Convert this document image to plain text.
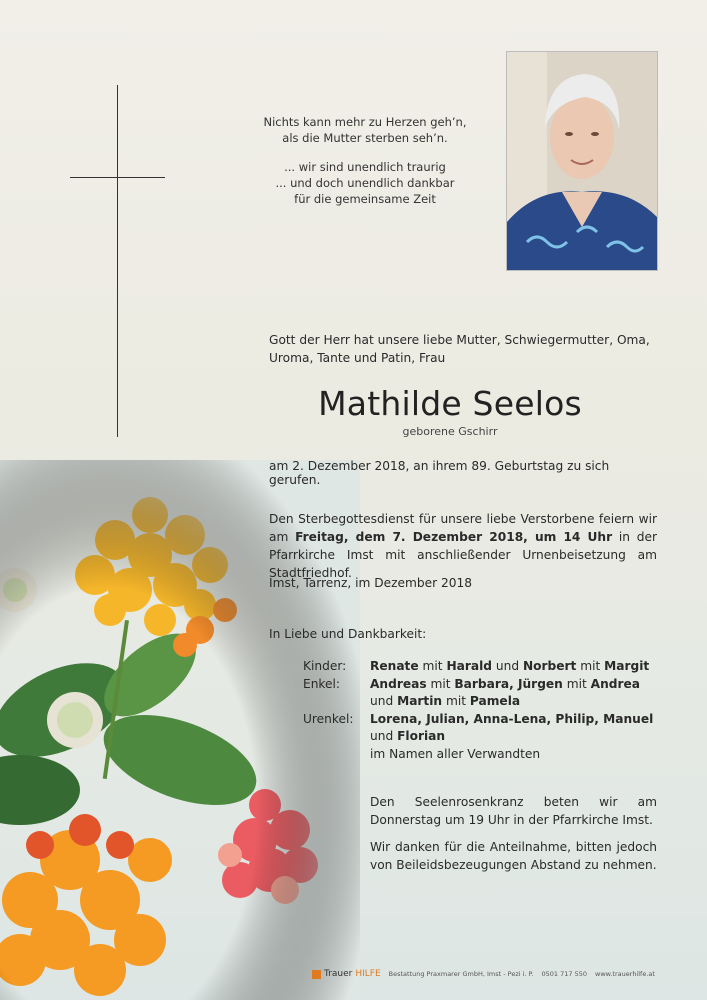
Nichts kann mehr zu Herzen geh’n,
als die Mutter sterben seh’n.

... wir sind unendlich traurig
... und doch unendlich dankbar
für die gemeinsame Zeit

Gott der Herr hat unsere liebe Mutter, Schwiegermutter, Oma, Uroma, Tante und Patin, Frau
Mathilde Seelos
geborene Gschirr
am 2. Dezember 2018, an ihrem 89. Geburtstag zu sich gerufen.
Den Sterbegottesdienst für unsere liebe Verstorbene feiern wir am Freitag, dem 7. Dezember 2018, um 14 Uhr in der Pfarrkirche Imst mit anschließender Urnenbeisetzung am Stadtfriedhof.
Imst, Tarrenz, im Dezember 2018
In Liebe und Dankbarkeit:
Kinder:	Renate mit Harald und Norbert mit Margit
Enkel:	Andreas mit Barbara, Jürgen mit Andrea und Martin mit Pamela
Urenkel:	Lorena, Julian, Anna-Lena, Philip, Manuel und Florian
im Namen aller Verwandten
Den Seelenrosenkranz beten wir am Donnerstag um 19 Uhr in der Pfarrkirche Imst.
Wir danken für die Anteilnahme, bitten jedoch von Beileidsbezeugungen Abstand zu nehmen.
Trauer HILFE Bestattung Praxmarer GmbH, Imst - Pezi i. P. 0501 717 550 www.trauerhilfe.at
